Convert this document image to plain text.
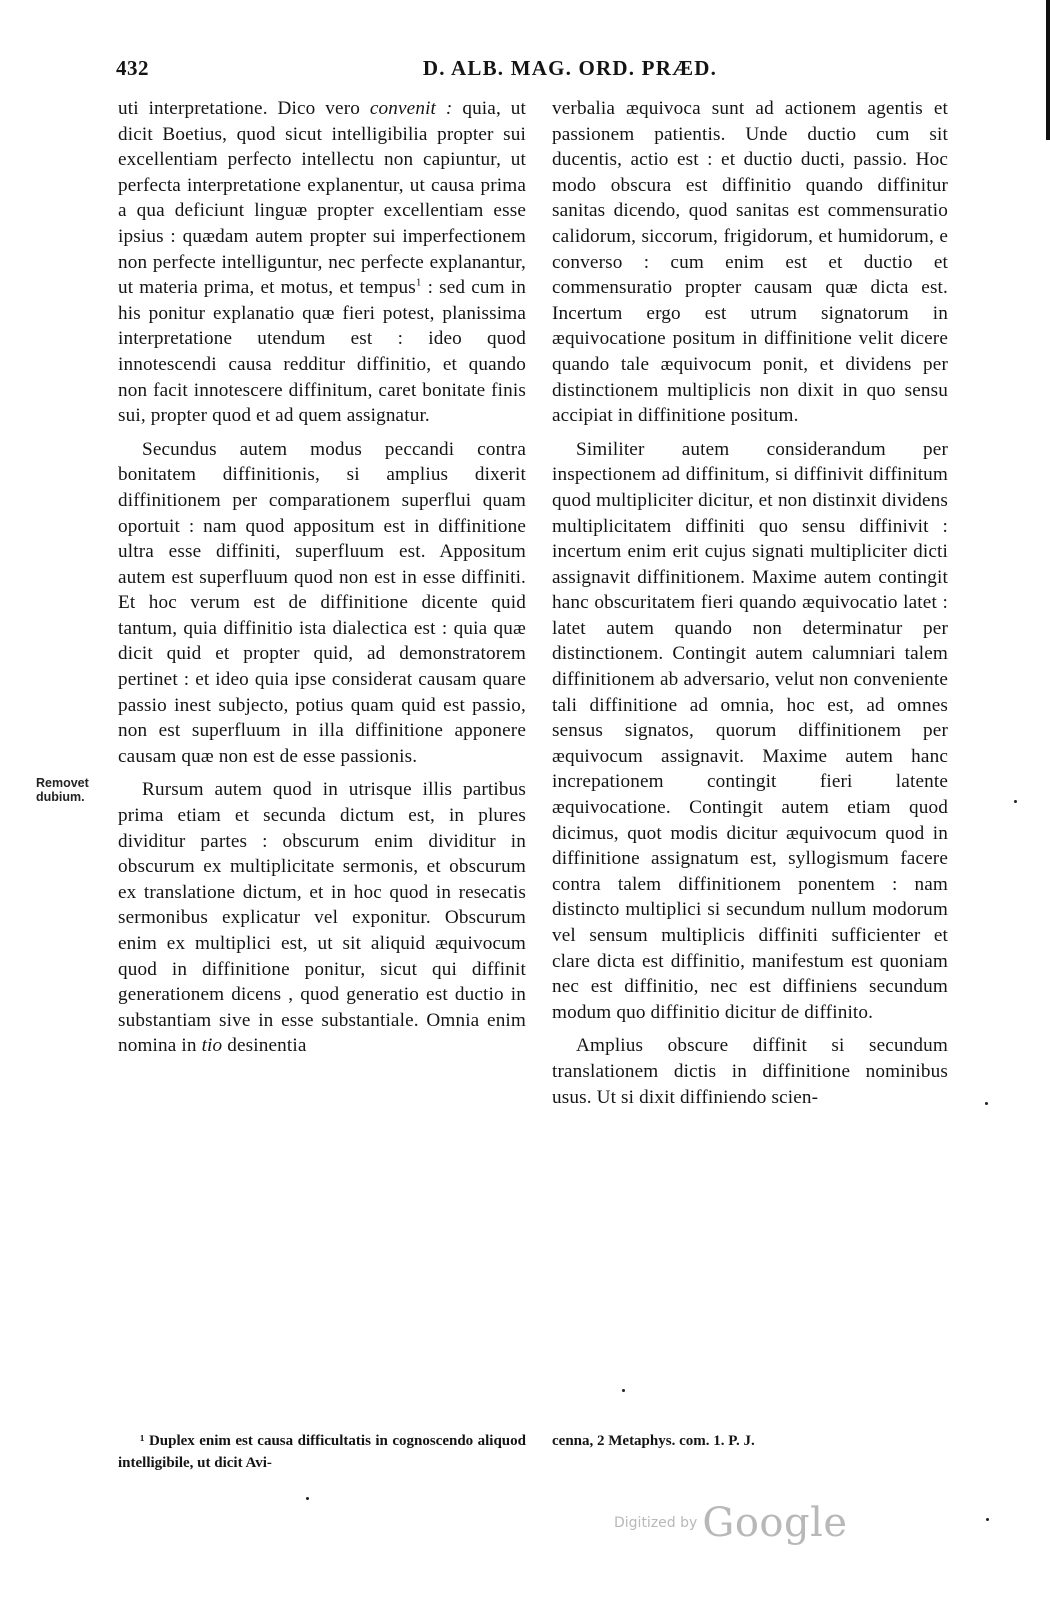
432	D. ALB. MAG. ORD. PRÆD.
Removet dubium.

uti interpretatione. Dico vero convenit : quia, ut dicit Boetius, quod sicut intelligibilia propter sui excellentiam perfecto intellectu non capiuntur, ut perfecta interpretatione explanentur, ut causa prima a qua deficiunt linguæ propter excellentiam esse ipsius : quædam autem propter sui imperfectionem non perfecte intelliguntur, nec perfecte explanantur, ut materia prima, et motus, et tempus$^1$ : sed cum in his ponitur explanatio quæ fieri potest, planissima interpretatione utendum est : ideo quod innotescendi causa redditur diffinitio, et quando non facit innotescere diffinitum, caret bonitate finis sui, propter quod et ad quem assignatur.

Secundus autem modus peccandi contra bonitatem diffinitionis, si amplius dixerit diffinitionem per comparationem superflui quam oportuit : nam quod appositum est in diffinitione ultra esse diffiniti, superfluum est. Appositum autem est superfluum quod non est in esse diffiniti. Et hoc verum est de diffinitione dicente quid tantum, quia diffinitio ista dialectica est : quia quæ dicit quid et propter quid, ad demonstratorem pertinet : et ideo quia ipse considerat causam quare passio inest subjecto, potius quam quid est passio, non est superfluum in illa diffinitione apponere causam quæ non est de esse passionis.

Rursum autem quod in utrisque illis partibus prima etiam et secunda dictum est, in plures dividitur partes : obscurum enim dividitur in obscurum ex multiplicitate sermonis, et obscurum ex translatione dictum, et in hoc quod in resecatis sermonibus explicatur vel exponitur. Obscurum enim ex multiplici est, ut sit aliquid æquivocum quod in diffinitione ponitur, sicut qui diffinit generationem dicens , quod generatio est ductio in substantiam sive in esse substantiale. Omnia enim nomina in tio desinentia

verbalia æquivoca sunt ad actionem agentis et passionem patientis. Unde ductio cum sit ducentis, actio est : et ductio ducti, passio. Hoc modo obscura est diffinitio quando diffinitur sanitas dicendo, quod sanitas est commensuratio calidorum, siccorum, frigidorum, et humidorum, e converso : cum enim est et ductio et commensuratio propter causam quæ dicta est. Incertum ergo est utrum signatorum in æquivocatione positum in diffinitione velit dicere quando tale æquivocum ponit, et dividens per distinctionem multiplicis non dixit in quo sensu accipiat in diffinitione positum.

Similiter autem considerandum per inspectionem ad diffinitum, si diffinivit diffinitum quod multipliciter dicitur, et non distinxit dividens multiplicitatem diffiniti quo sensu diffinivit : incertum enim erit cujus signati multipliciter dicti assignavit diffinitionem. Maxime autem contingit hanc obscuritatem fieri quando æquivocatio latet : latet autem quando non determinatur per distinctionem. Contingit autem calumniari talem diffinitionem ab adversario, velut non conveniente tali diffinitione ad omnia, hoc est, ad omnes sensus signatos, quorum diffinitionem per æquivocum assignavit. Maxime autem hanc increpationem contingit fieri latente æquivocatione. Contingit autem etiam quod dicimus, quot modis dicitur æquivocum quod in diffinitione assignatum est, syllogismum facere contra talem diffinitionem ponentem : nam distincto multiplici si secundum nullum modorum vel sensum multiplicis diffiniti sufficienter et clare dicta est diffinitio, manifestum est quoniam nec est diffinitio, nec est diffiniens secundum modum quo diffinitio dicitur de diffinito.

Amplius obscure diffinit si secundum translationem dictis in diffinitione nominibus usus. Ut si dixit diffiniendo scien-

¹ Duplex enim est causa difficultatis in cognoscendo aliquod intelligibile, ut dicit Avi-
cenna, 2 Metaphys. com. 1. P. J.
Digitized by Google
